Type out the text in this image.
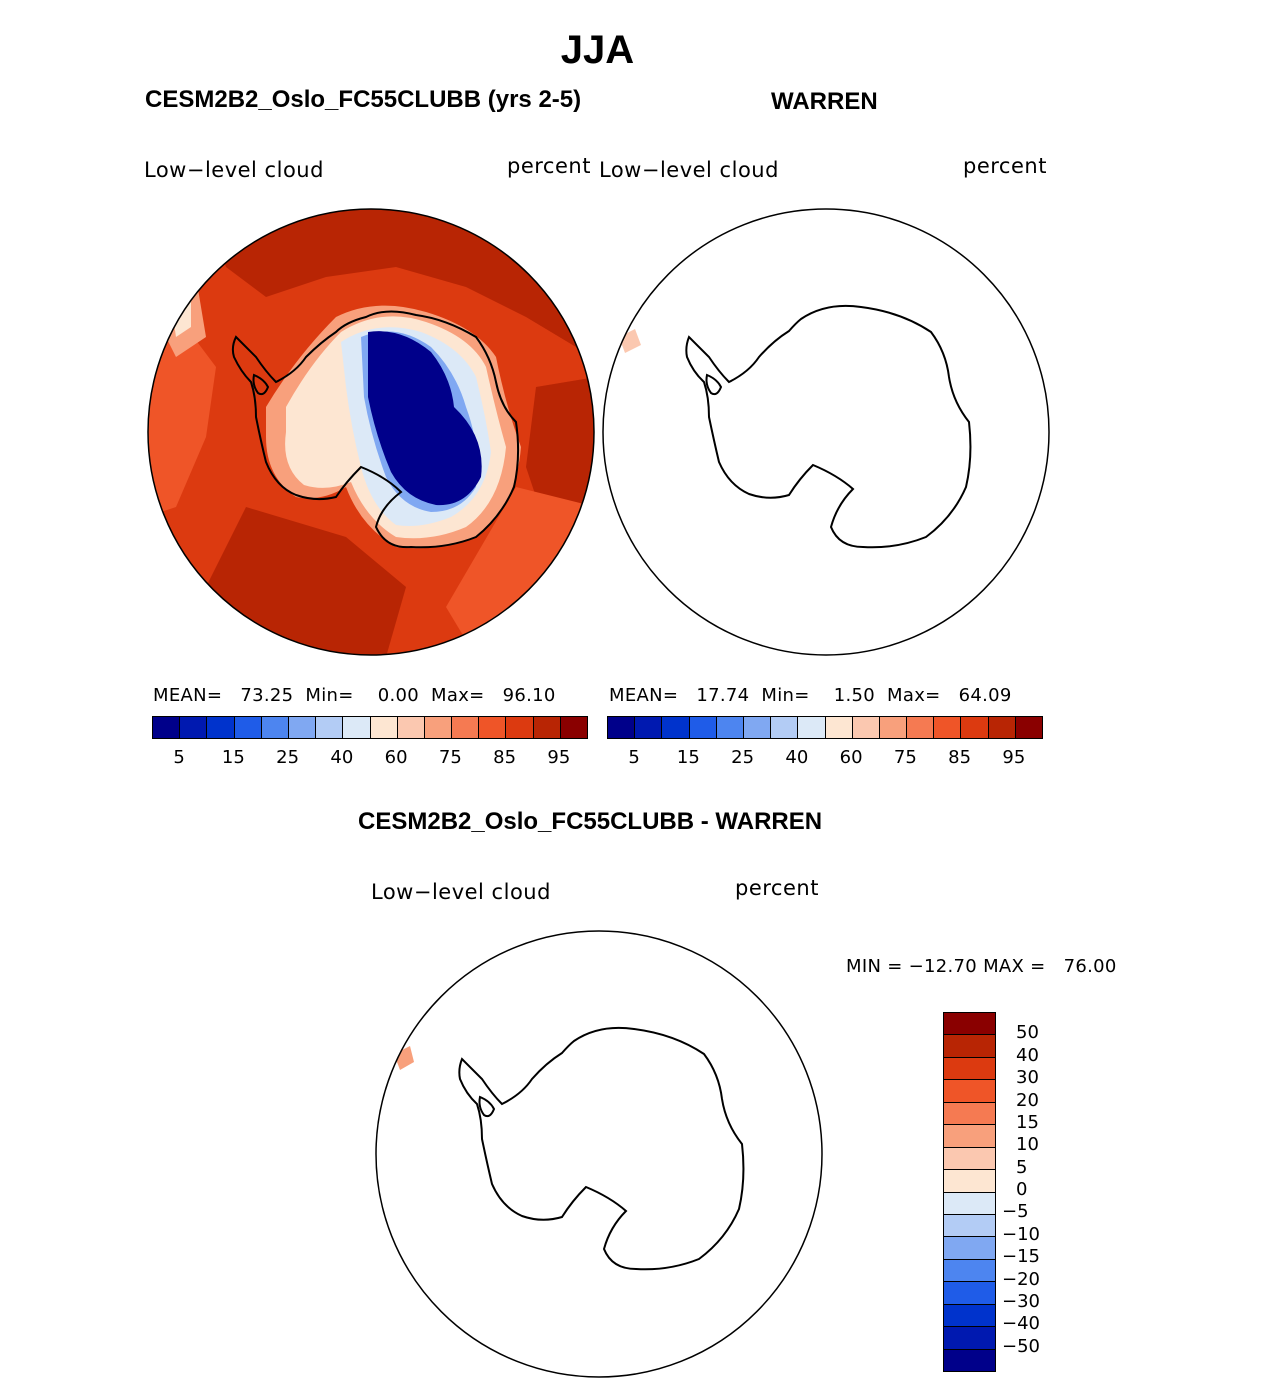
JJA
CESM2B2_Oslo_FC55CLUBB (yrs 2-5)	WARREN
Low−level cloud	percent Low−level cloud	percent
MEAN=   73.25  Min=    0.00  Max=   96.10	MEAN=   17.74  Min=    1.50  Max=   64.09
5 15 25 40 60 75 85 95	5 15 25 40 60 75 85 95
CESM2B2_Oslo_FC55CLUBB - WARREN
Low−level cloud	percent
MIN = −12.70 MAX =   76.00
50
40
30
20
15
10
5
0
−5
−10
−15
−20
−30
−40
−50
